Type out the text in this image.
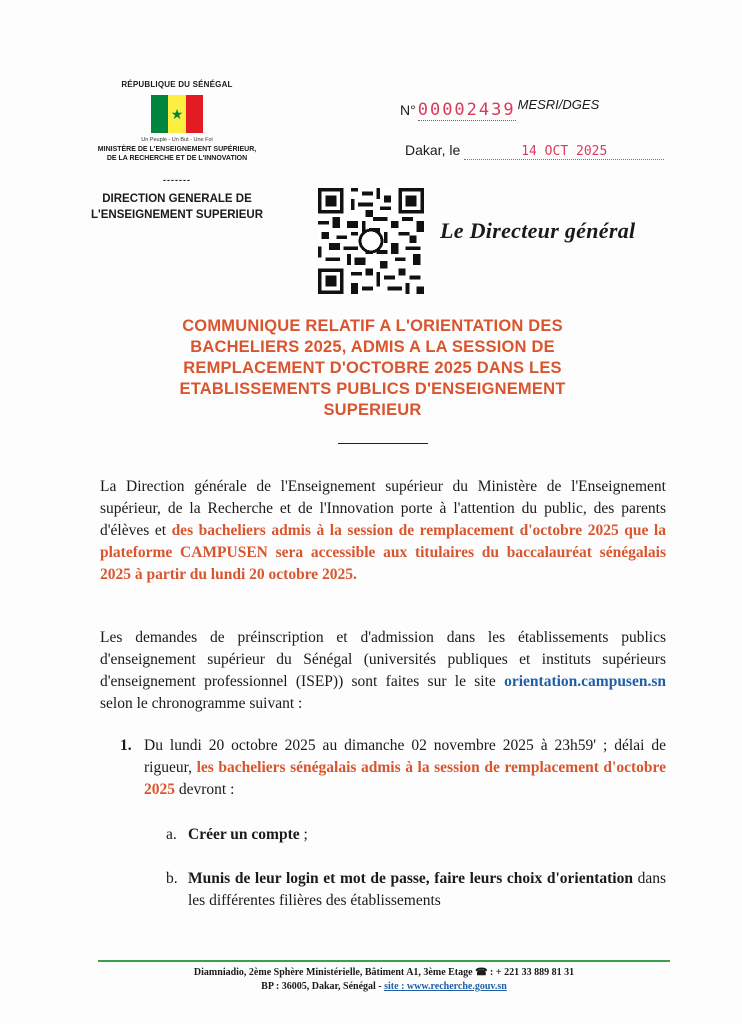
RÉPUBLIQUE DU SÉNÉGAL
★
Un Peuple - Un But - Une Foi
MINISTÈRE DE L'ENSEIGNEMENT SUPÉRIEUR,
DE LA RECHERCHE ET DE L'INNOVATION
-------
DIRECTION GENERALE DE
L'ENSEIGNEMENT SUPERIEUR
N° 00002439 MESRI/DGES
Dakar, le	14 OCT 2025
Le Directeur général
COMMUNIQUE RELATIF A L'ORIENTATION DES
BACHELIERS 2025, ADMIS A LA SESSION DE
REMPLACEMENT D'OCTOBRE 2025 DANS LES
ETABLISSEMENTS PUBLICS D'ENSEIGNEMENT
SUPERIEUR
La Direction générale de l'Enseignement supérieur du Ministère de l'Enseignement supérieur, de la Recherche et de l'Innovation porte à l'attention du public, des parents d'élèves et des bacheliers admis à la session de remplacement d'octobre 2025 que la plateforme CAMPUSEN sera accessible aux titulaires du baccalauréat sénégalais 2025 à partir du lundi 20 octobre 2025.
Les demandes de préinscription et d'admission dans les établissements publics d'enseignement supérieur du Sénégal (universités publiques et instituts supérieurs d'enseignement professionnel (ISEP)) sont faites sur le site orientation.campusen.sn selon le chronogramme suivant :
1. Du lundi 20 octobre 2025 au dimanche 02 novembre 2025 à 23h59' ; délai de rigueur, les bacheliers sénégalais admis à la session de remplacement d'octobre 2025 devront :
a. Créer un compte ;
b. Munis de leur login et mot de passe, faire leurs choix d'orientation dans les différentes filières des établissements
Diamniadio, 2ème Sphère Ministérielle, Bâtiment A1, 3ème Etage ☎ : + 221 33 889 81 31
BP : 36005, Dakar, Sénégal - site : www.recherche.gouv.sn
